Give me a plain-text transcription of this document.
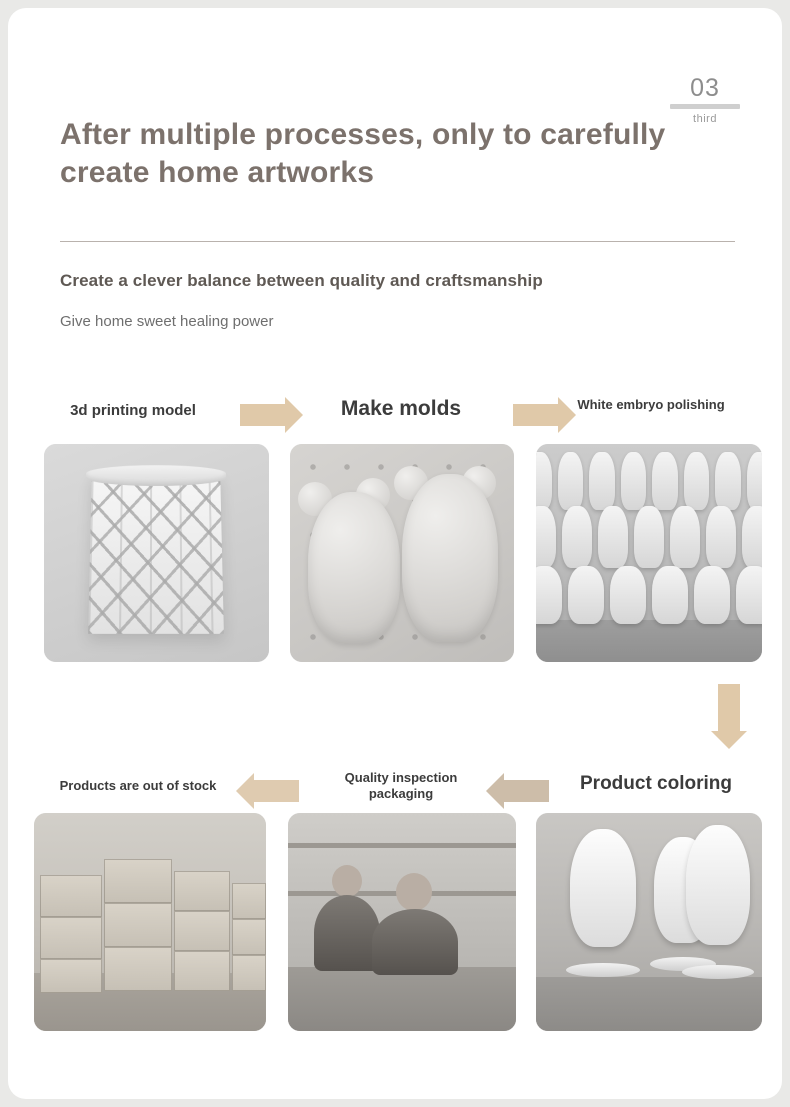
03
third
After multiple processes, only to carefully create home artworks
Create a clever balance between quality and craftsmanship

Give home sweet healing power

3d printing model	Make molds	White embryo polishing
Product coloring
Quality inspection packaging
Products are out of stock
